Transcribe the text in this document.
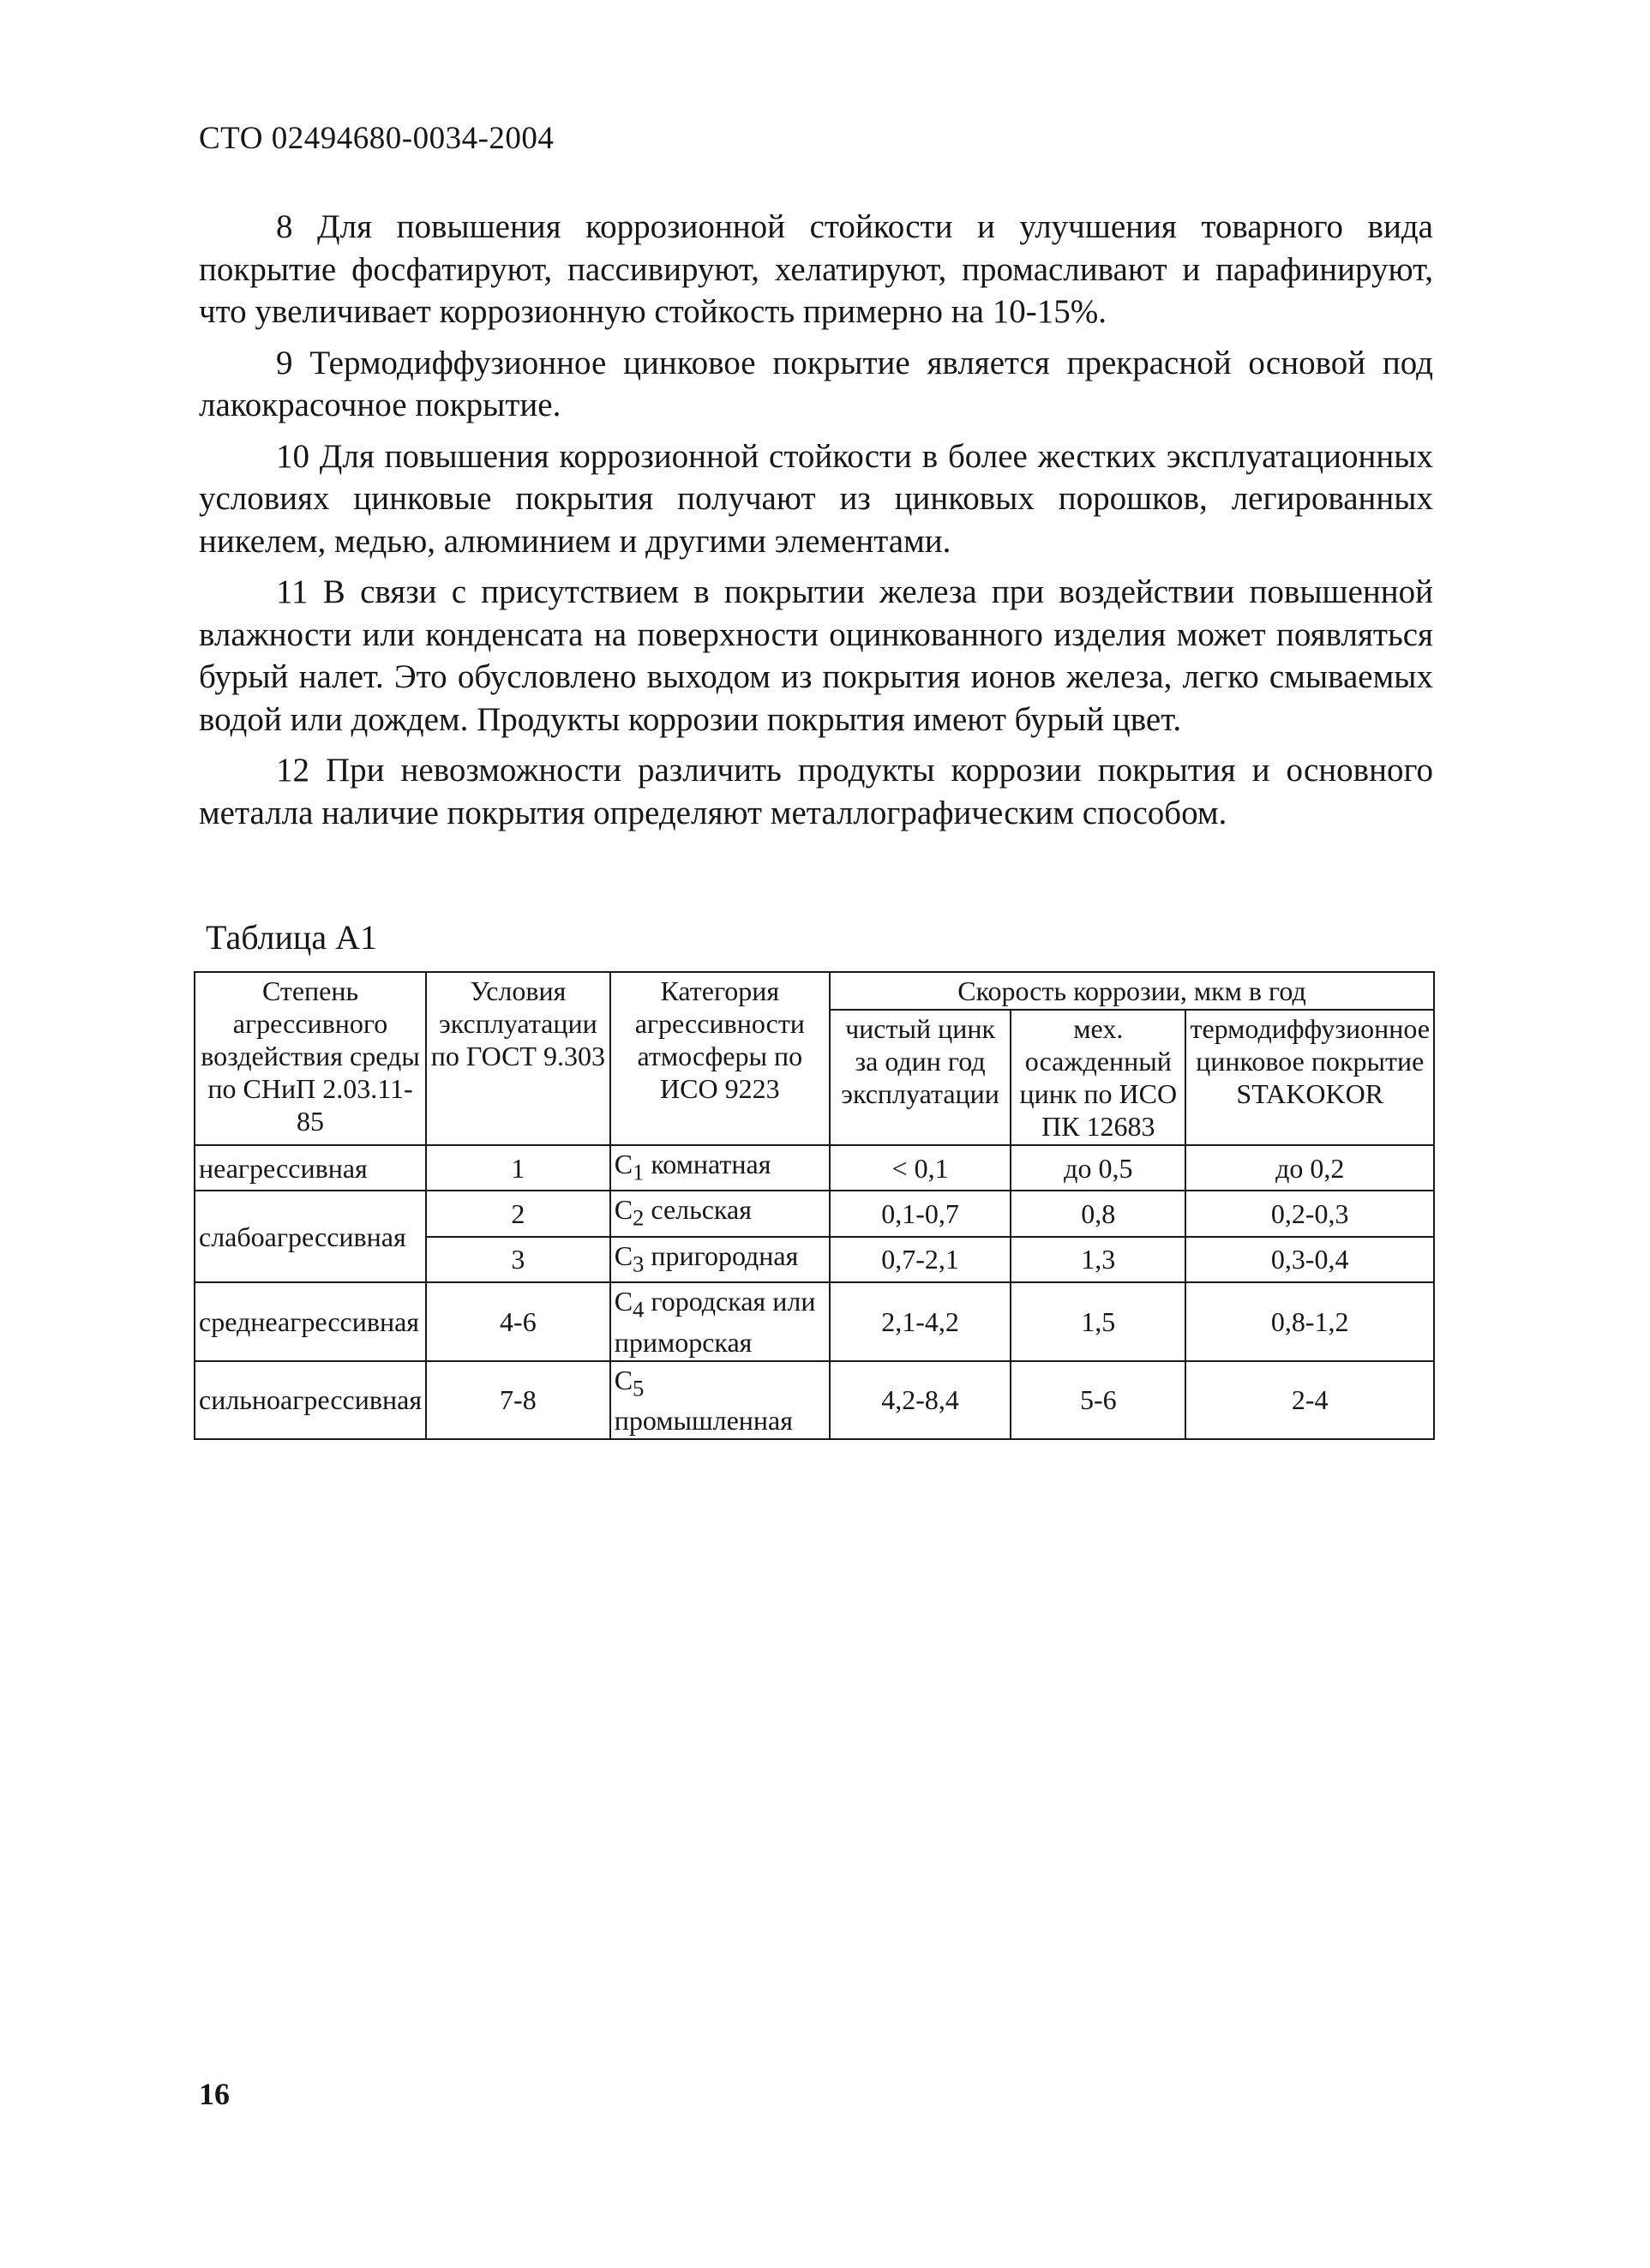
СТО 02494680-0034-2004

8 Для повышения коррозионной стойкости и улучшения товарного вида покрытие фосфатируют, пассивируют, хелатируют, промасливают и парафинируют, что увеличивает коррозионную стойкость примерно на 10-15%.

9 Термодиффузионное цинковое покрытие является прекрасной основой под лакокрасочное покрытие.

10 Для повышения коррозионной стойкости в более жестких эксплуатационных условиях цинковые покрытия получают из цинковых порошков, легированных никелем, медью, алюминием и другими элементами.

11 В связи с присутствием в покрытии железа при воздействии повышенной влажности или конденсата на поверхности оцинкованного изделия может появляться бурый налет. Это обусловлено выходом из покрытия ионов железа, легко смываемых водой или дождем. Продукты коррозии покрытия имеют бурый цвет.

12 При невозможности различить продукты коррозии покрытия и основного металла наличие покрытия определяют металлографическим способом.

Таблица А1
Степень агрессивного воздействия среды по СНиП 2.03.11-85	Условия эксплуатации по ГОСТ 9.303	Категория агрессивности атмосферы по ИСО 9223	Скорость коррозии, мкм в год		
			чистый цинк за один год эксплуатации	мех. осажденный цинк по ИСО ПК 12683	термодиффузионное цинковое покрытие STAKOKOR
неагрессивная	1	$C_1$ комнатная	< 0,1	до 0,5	до 0,2
слабоагрессивная	2	$C_2$ сельская	0,1-0,7	0,8	0,2-0,3
	3	$C_3$ пригородная	0,7-2,1	1,3	0,3-0,4
среднеагрессивная	4-6	$C_4$ городская или приморская	2,1-4,2	1,5	0,8-1,2
сильноагрессивная	7-8	$C_5$ промышленная	4,2-8,4	5-6	2-4
16
